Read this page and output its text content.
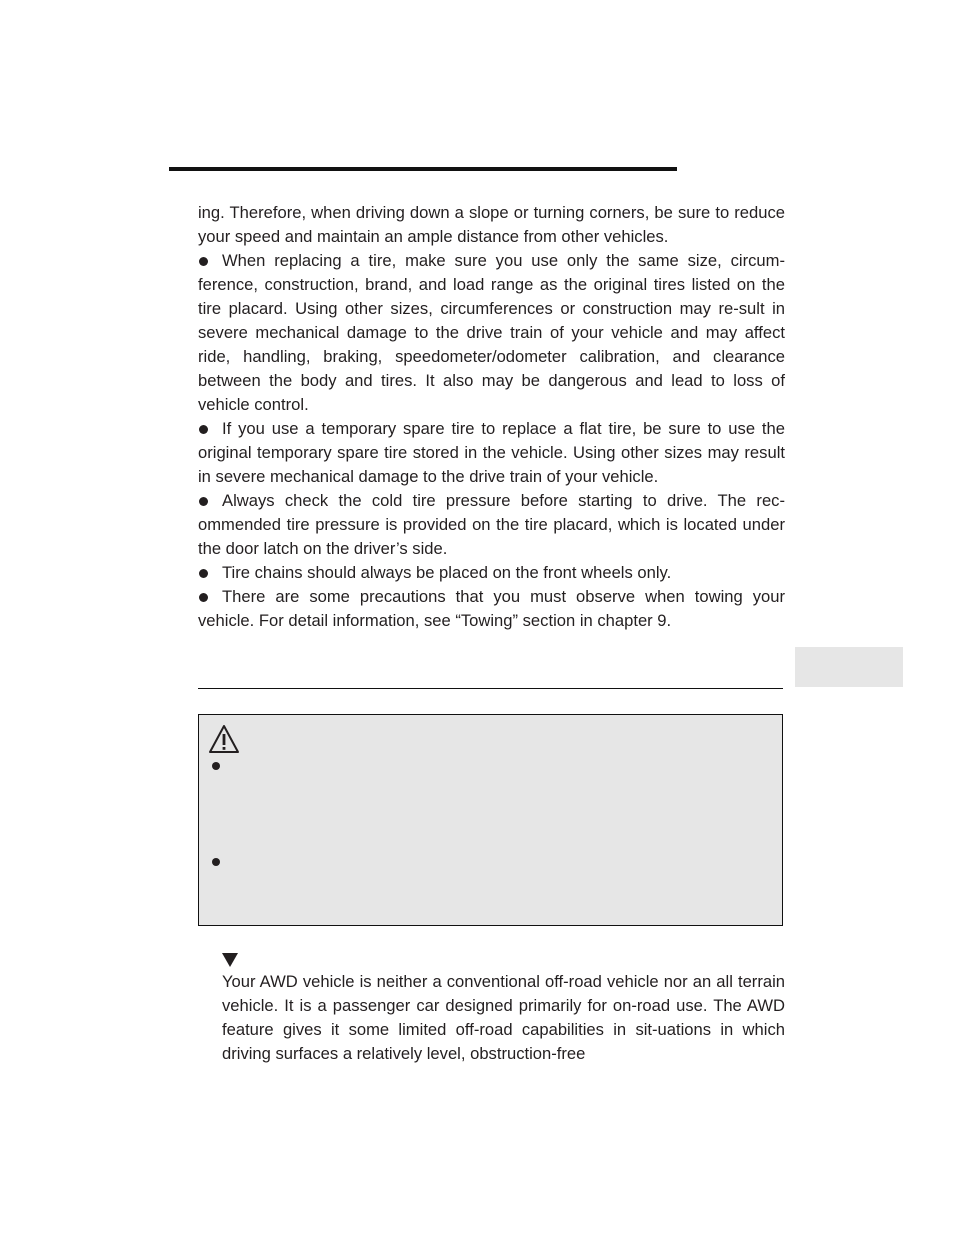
ing. Therefore, when driving down a slope or turning corners, be sure to reduce your speed and maintain an ample distance from other vehicles.

When replacing a tire, make sure you use only the same size, circum-ference, construction, brand, and load range as the original tires listed on the tire placard. Using other sizes, circumferences or construction may re-sult in severe mechanical damage to the drive train of your vehicle and may affect ride, handling, braking, speedometer/odometer calibration, and clearance between the body and tires. It also may be dangerous and lead to loss of vehicle control.

If you use a temporary spare tire to replace a flat tire, be sure to use the original temporary spare tire stored in the vehicle. Using other sizes may result in severe mechanical damage to the drive train of your vehicle.

Always check the cold tire pressure before starting to drive. The rec-ommended tire pressure is provided on the tire placard, which is located under the door latch on the driver’s side.

Tire chains should always be placed on the front wheels only.

There are some precautions that you must observe when towing your vehicle. For detail information, see “Towing” section in chapter 9.

Your AWD vehicle is neither a conventional off-road vehicle nor an all terrain vehicle. It is a passenger car designed primarily for on-road use. The AWD feature gives it some limited off-road capabilities in sit-uations in which driving surfaces a relatively level, obstruction-free
